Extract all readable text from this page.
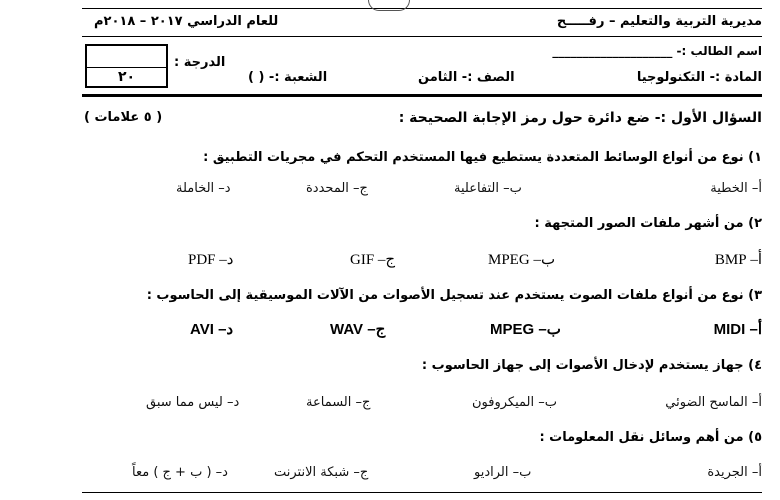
للعام الدراسي ٢٠١٧ – ٢٠١٨م	مديرية التربية والتعليم – رفـــــح
٢٠
الدرجة :
اسم الطالب :- ____________________
المادة :- التكنولوجيا
الصف :- الثامن
الشعبة :- ( )
السؤال الأول :- ضع دائرة حول رمز الإجابة الصحيحة :
( ٥ علامات )
١) نوع من أنواع الوسائط المتعددة يستطيع فيها المستخدم التحكم في مجريات التطبيق :
أ– الخطية
ب– التفاعلية
ج– المحددة
د– الخاملة
٢) من أشهر ملفات الصور المتجهة :
أ– BMP
ب– MPEG
ج– GIF
د– PDF
٣) نوع من أنواع ملفات الصوت يستخدم عند تسجيل الأصوات من الآلات الموسيقية إلى الحاسوب :
أ– MIDI
ب– MPEG
ج– WAV
د– AVI
٤) جهاز يستخدم لإدخال الأصوات إلى جهاز الحاسوب :
أ– الماسح الضوئي
ب– الميكروفون
ج– السماعة
د– ليس مما سبق
٥) من أهم وسائل نقل المعلومات :
أ– الجريدة
ب– الراديو
ج– شبكة الانترنت
د– ( ب + ج ) معاً
